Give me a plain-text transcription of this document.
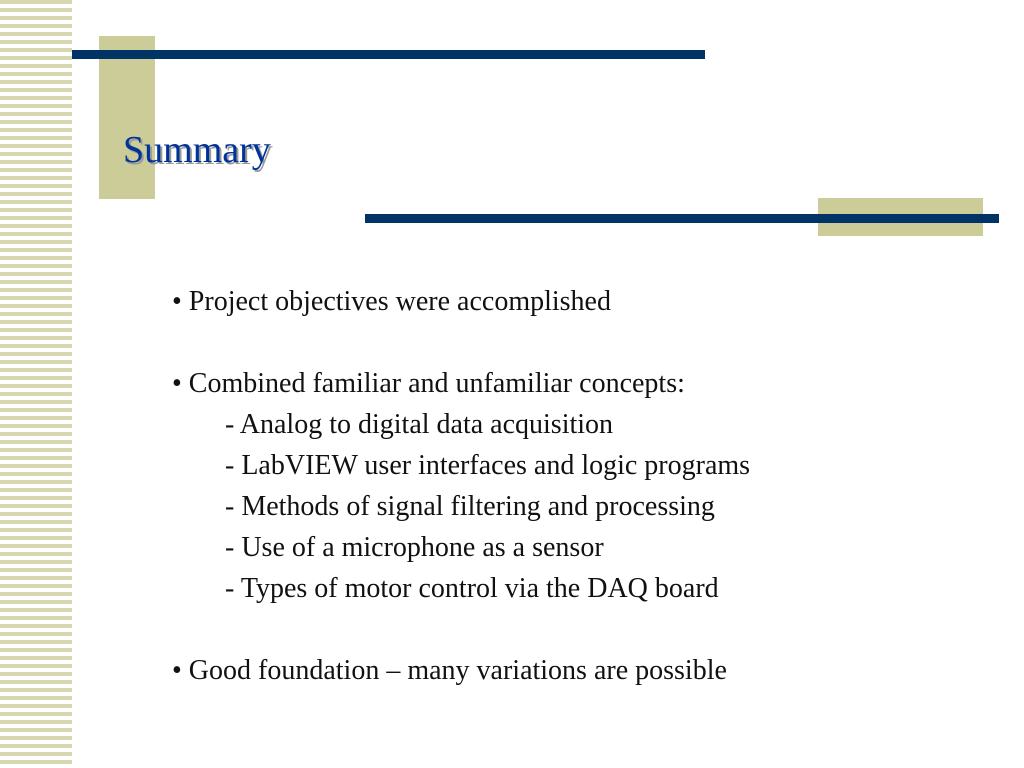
Summary

• Project objectives were accomplished

• Combined familiar and unfamiliar concepts:

- Analog to digital data acquisition

- LabVIEW user interfaces and logic programs

- Methods of signal filtering and processing

- Use of a microphone as a sensor

- Types of motor control via the DAQ board

• Good foundation – many variations are possible
